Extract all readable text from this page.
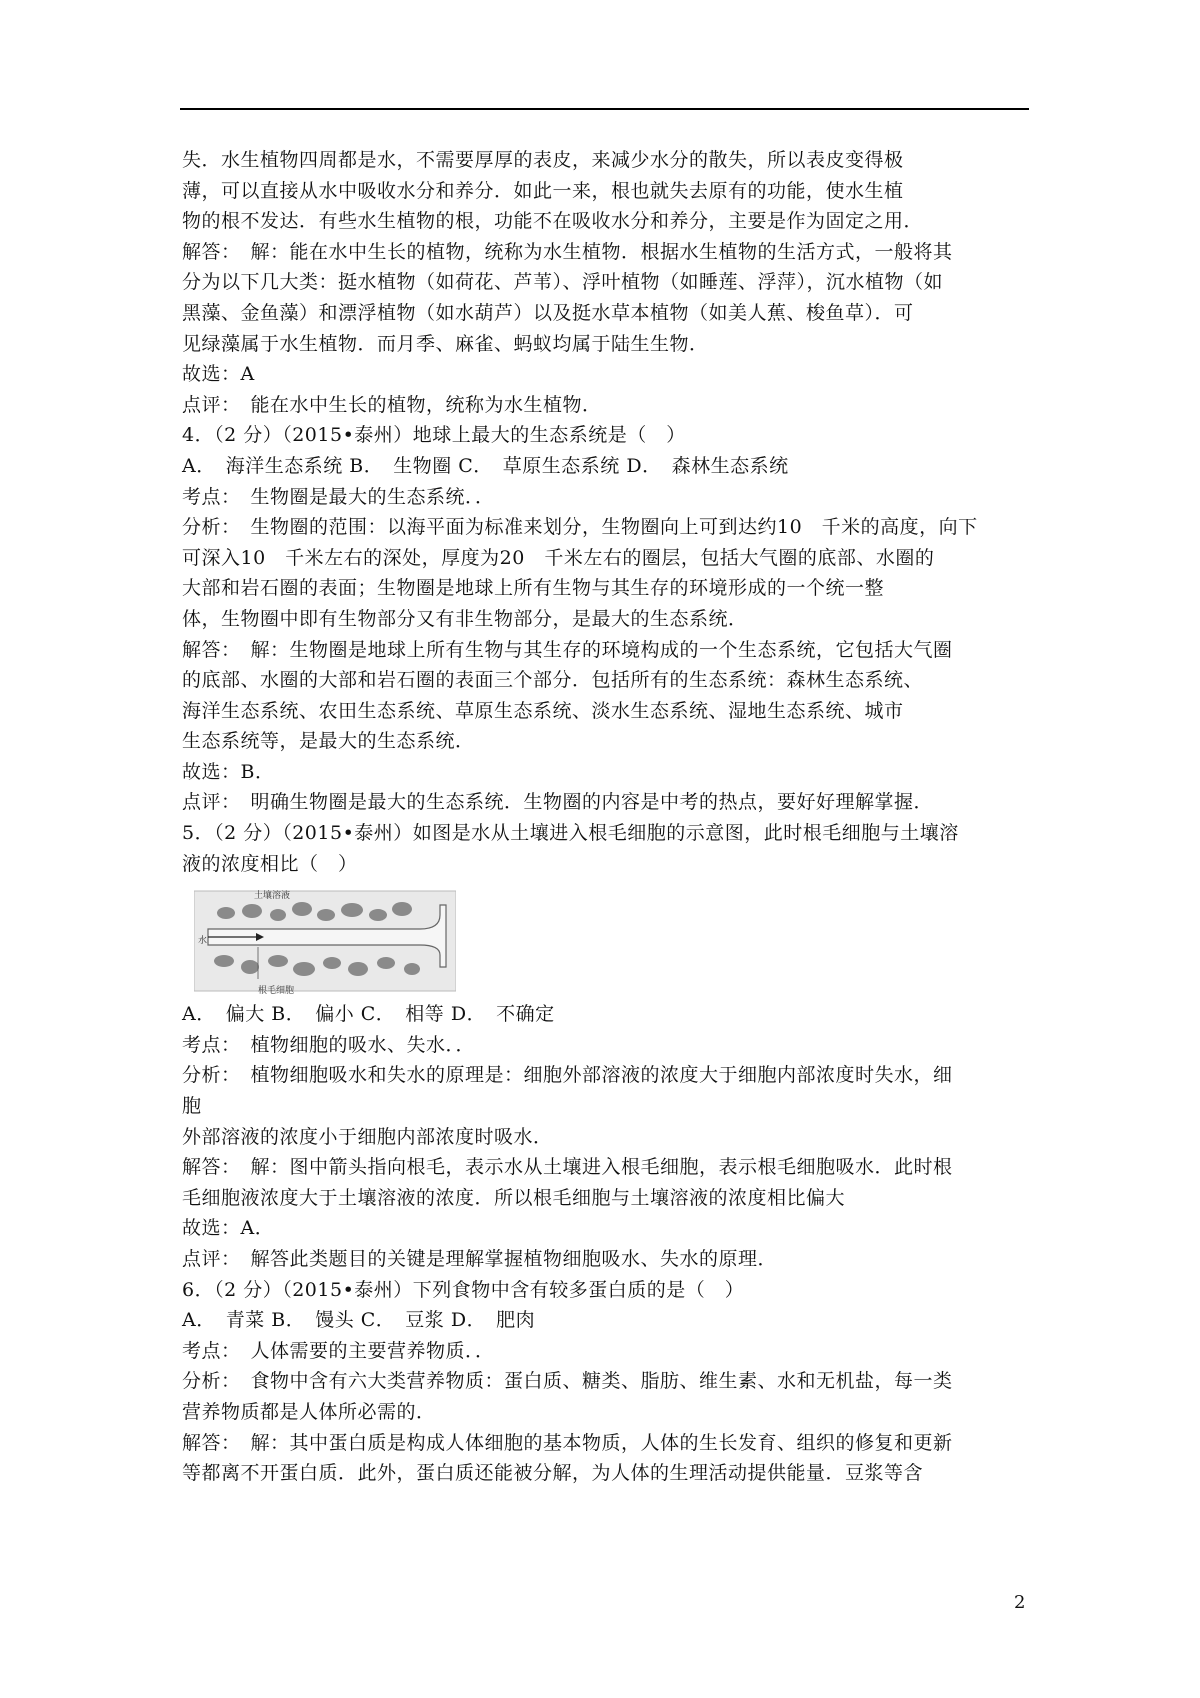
失．水生植物四周都是水，不需要厚厚的表皮，来减少水分的散失，所以表皮变得极
薄，可以直接从水中吸收水分和养分．如此一来，根也就失去原有的功能，使水生植
物的根不发达．有些水生植物的根，功能不在吸收水分和养分，主要是作为固定之用．
解答：　解：能在水中生长的植物，统称为水生植物．根据水生植物的生活方式，一般将其
分为以下几大类：挺水植物（如荷花、芦苇）、浮叶植物（如睡莲、浮萍），沉水植物（如
黑藻、金鱼藻）和漂浮植物（如水葫芦）以及挺水草本植物（如美人蕉、梭鱼草）．可
见绿藻属于水生植物．而月季、麻雀、蚂蚁均属于陆生生物．
故选：A
点评：　能在水中生长的植物，统称为水生植物．
4．（2 分）（2015•泰州）地球上最大的生态系统是（　）
A．　海洋生态系统 B．　生物圈 C．　草原生态系统 D．　森林生态系统
考点：　生物圈是最大的生态系统．．
分析：　生物圈的范围：以海平面为标准来划分，生物圈向上可到达约10　千米的高度，向下
可深入10　千米左右的深处，厚度为20　千米左右的圈层，包括大气圈的底部、水圈的
大部和岩石圈的表面；生物圈是地球上所有生物与其生存的环境形成的一个统一整
体，生物圈中即有生物部分又有非生物部分，是最大的生态系统．
解答：　解：生物圈是地球上所有生物与其生存的环境构成的一个生态系统，它包括大气圈
的底部、水圈的大部和岩石圈的表面三个部分．包括所有的生态系统：森林生态系统、
海洋生态系统、农田生态系统、草原生态系统、淡水生态系统、湿地生态系统、城市
生态系统等，是最大的生态系统．
故选：B．
点评：　明确生物圈是最大的生态系统．生物圈的内容是中考的热点，要好好理解掌握．
5．（2 分）（2015•泰州）如图是水从土壤进入根毛细胞的示意图，此时根毛细胞与土壤溶
液的浓度相比（　）
土壤溶液
根毛细胞
水
A．　偏大 B．　偏小 C．　相等 D．　不确定
考点：　植物细胞的吸水、失水．．
分析：　植物细胞吸水和失水的原理是：细胞外部溶液的浓度大于细胞内部浓度时失水，细
胞
外部溶液的浓度小于细胞内部浓度时吸水．
解答：　解：图中箭头指向根毛，表示水从土壤进入根毛细胞，表示根毛细胞吸水．此时根
毛细胞液浓度大于土壤溶液的浓度．所以根毛细胞与土壤溶液的浓度相比偏大
故选：A．
点评：　解答此类题目的关键是理解掌握植物细胞吸水、失水的原理．
6．（2 分）（2015•泰州）下列食物中含有较多蛋白质的是（　）
A．　青菜 B．　馒头 C．　豆浆 D．　肥肉
考点：　人体需要的主要营养物质．．
分析：　食物中含有六大类营养物质：蛋白质、糖类、脂肪、维生素、水和无机盐，每一类
营养物质都是人体所必需的．
解答：　解：其中蛋白质是构成人体细胞的基本物质，人体的生长发育、组织的修复和更新
等都离不开蛋白质．此外，蛋白质还能被分解，为人体的生理活动提供能量．豆浆等含
2
